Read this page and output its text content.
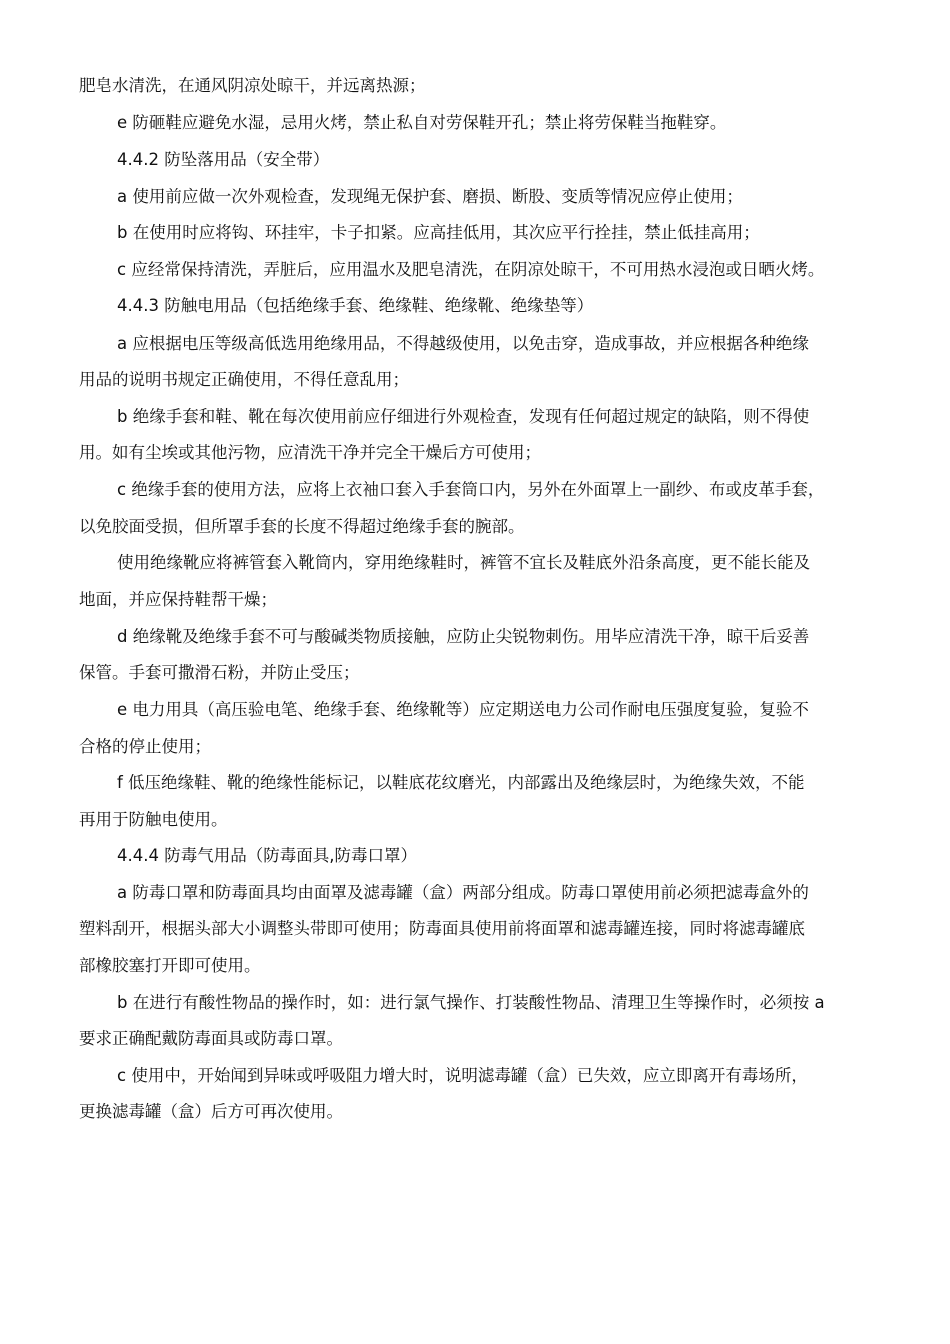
肥皂水清洗，在通风阴凉处晾干，并远离热源；
e 防砸鞋应避免水湿，忌用火烤，禁止私自对劳保鞋开孔；禁止将劳保鞋当拖鞋穿。
4.4.2 防坠落用品（安全带）
a 使用前应做一次外观检查，发现绳无保护套、磨损、断股、变质等情况应停止使用；
b 在使用时应将钩、环挂牢，卡子扣紧。应高挂低用，其次应平行拴挂，禁止低挂高用；
c 应经常保持清洗，弄脏后，应用温水及肥皂清洗，在阴凉处晾干，不可用热水浸泡或日晒火烤。
4.4.3 防触电用品（包括绝缘手套、绝缘鞋、绝缘靴、绝缘垫等）
a 应根据电压等级高低选用绝缘用品，不得越级使用，以免击穿，造成事故，并应根据各种绝缘
用品的说明书规定正确使用，不得任意乱用；
b 绝缘手套和鞋、靴在每次使用前应仔细进行外观检查，发现有任何超过规定的缺陷，则不得使
用。如有尘埃或其他污物，应清洗干净并完全干燥后方可使用；
c 绝缘手套的使用方法，应将上衣袖口套入手套筒口内，另外在外面罩上一副纱、布或皮革手套，
以免胶面受损，但所罩手套的长度不得超过绝缘手套的腕部。
使用绝缘靴应将裤管套入靴筒内，穿用绝缘鞋时，裤管不宜长及鞋底外沿条高度，更不能长能及
地面，并应保持鞋帮干燥；
d 绝缘靴及绝缘手套不可与酸碱类物质接触，应防止尖锐物刺伤。用毕应清洗干净，晾干后妥善
保管。手套可撒滑石粉，并防止受压；
e 电力用具（高压验电笔、绝缘手套、绝缘靴等）应定期送电力公司作耐电压强度复验，复验不
合格的停止使用；
f 低压绝缘鞋、靴的绝缘性能标记，以鞋底花纹磨光，内部露出及绝缘层时，为绝缘失效，不能
再用于防触电使用。
4.4.4 防毒气用品（防毒面具,防毒口罩）
a 防毒口罩和防毒面具均由面罩及滤毒罐（盒）两部分组成。防毒口罩使用前必须把滤毒盒外的
塑料刮开，根据头部大小调整头带即可使用；防毒面具使用前将面罩和滤毒罐连接，同时将滤毒罐底
部橡胶塞打开即可使用。
b 在进行有酸性物品的操作时，如：进行氯气操作、打装酸性物品、清理卫生等操作时，必须按 a
要求正确配戴防毒面具或防毒口罩。
c 使用中，开始闻到异味或呼吸阻力增大时，说明滤毒罐（盒）已失效，应立即离开有毒场所，
更换滤毒罐（盒）后方可再次使用。
